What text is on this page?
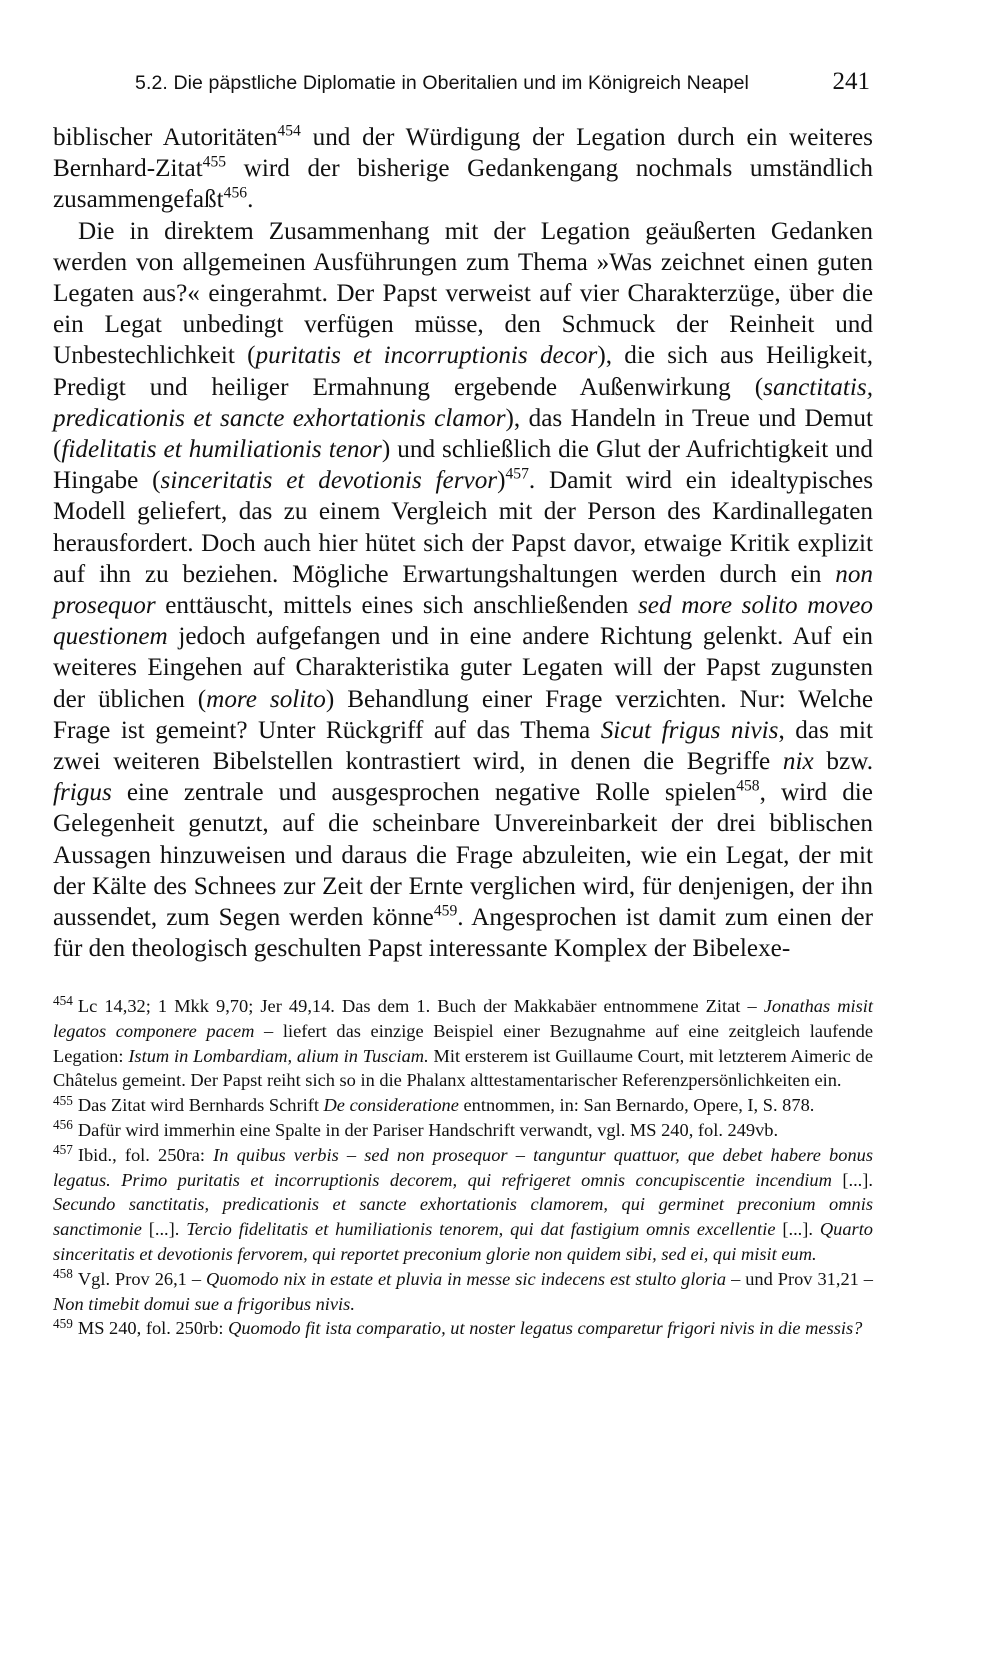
5.2. Die päpstliche Diplomatie in Oberitalien und im Königreich Neapel	241

biblischer Autoritäten$^{454}$ und der Würdigung der Legation durch ein weiteres Bernhard-Zitat$^{455}$ wird der bisherige Gedankengang nochmals umständlich zusammengefaßt$^{456}$.

Die in direktem Zusammenhang mit der Legation geäußerten Gedanken werden von allgemeinen Ausführungen zum Thema »Was zeichnet einen guten Legaten aus?« eingerahmt. Der Papst verweist auf vier Charakterzüge, über die ein Legat unbedingt verfügen müsse, den Schmuck der Reinheit und Unbestechlichkeit (puritatis et incorruptionis decor), die sich aus Heiligkeit, Predigt und heiliger Ermahnung ergebende Außenwirkung (sanctitatis, predicationis et sancte exhortationis clamor), das Handeln in Treue und Demut (fidelitatis et humiliationis tenor) und schließlich die Glut der Aufrichtigkeit und Hingabe (sinceritatis et devotionis fervor)$^{457}$. Damit wird ein idealtypisches Modell geliefert, das zu einem Vergleich mit der Person des Kardinallegaten herausfordert. Doch auch hier hütet sich der Papst davor, etwaige Kritik explizit auf ihn zu beziehen. Mögliche Erwartungshaltungen werden durch ein non prosequor enttäuscht, mittels eines sich anschließenden sed more solito moveo questionem jedoch aufgefangen und in eine andere Richtung gelenkt. Auf ein weiteres Eingehen auf Charakteristika guter Legaten will der Papst zugunsten der üblichen (more solito) Behandlung einer Frage verzichten. Nur: Welche Frage ist gemeint? Unter Rückgriff auf das Thema Sicut frigus nivis, das mit zwei weiteren Bibelstellen kontrastiert wird, in denen die Begriffe nix bzw. frigus eine zentrale und ausgesprochen negative Rolle spielen$^{458}$, wird die Gelegenheit genutzt, auf die scheinbare Unvereinbarkeit der drei biblischen Aussagen hinzuweisen und daraus die Frage abzuleiten, wie ein Legat, der mit der Kälte des Schnees zur Zeit der Ernte verglichen wird, für denjenigen, der ihn aussendet, zum Segen werden könne$^{459}$. Angesprochen ist damit zum einen der für den theologisch geschulten Papst interessante Komplex der Bibelexe-

$^{454}$ Lc 14,32; 1 Mkk 9,70; Jer 49,14. Das dem 1. Buch der Makkabäer entnommene Zitat – Jonathas misit legatos componere pacem – liefert das einzige Beispiel einer Bezugnahme auf eine zeitgleich laufende Legation: Istum in Lombardiam, alium in Tusciam. Mit ersterem ist Guillaume Court, mit letzterem Aimeric de Châtelus gemeint. Der Papst reiht sich so in die Phalanx alttestamentarischer Referenzpersönlichkeiten ein.

$^{455}$ Das Zitat wird Bernhards Schrift De consideratione entnommen, in: San Bernardo, Opere, I, S. 878.

$^{456}$ Dafür wird immerhin eine Spalte in der Pariser Handschrift verwandt, vgl. MS 240, fol. 249vb.

$^{457}$ Ibid., fol. 250ra: In quibus verbis – sed non prosequor – tanguntur quattuor, que debet habere bonus legatus. Primo puritatis et incorruptionis decorem, qui refrigeret omnis concupiscentie incendium [...]. Secundo sanctitatis, predicationis et sancte exhortationis clamorem, qui germinet preconium omnis sanctimonie [...]. Tercio fidelitatis et humiliationis tenorem, qui dat fastigium omnis excellentie [...]. Quarto sinceritatis et devotionis fervorem, qui reportet preconium glorie non quidem sibi, sed ei, qui misit eum.

$^{458}$ Vgl. Prov 26,1 – Quomodo nix in estate et pluvia in messe sic indecens est stulto gloria – und Prov 31,21 – Non timebit domui sue a frigoribus nivis.

$^{459}$ MS 240, fol. 250rb: Quomodo fit ista comparatio, ut noster legatus comparetur frigori nivis in die messis?
